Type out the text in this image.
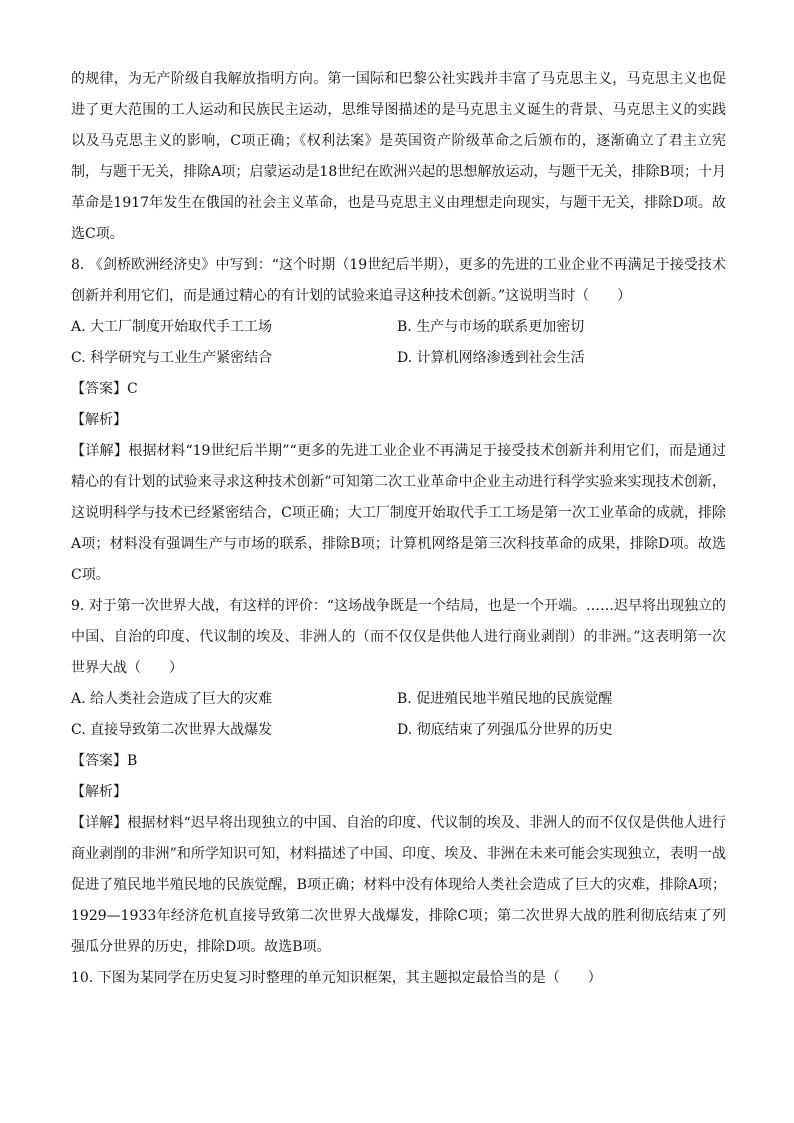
的规律，为无产阶级自我解放指明方向。第一国际和巴黎公社实践并丰富了马克思主义，马克思主义也促进了更大范围的工人运动和民族民主运动，思维导图描述的是马克思主义诞生的背景、马克思主义的实践以及马克思主义的影响，C项正确；《权利法案》是英国资产阶级革命之后颁布的，逐渐确立了君主立宪制，与题干无关，排除A项；启蒙运动是18世纪在欧洲兴起的思想解放运动，与题干无关，排除B项；十月革命是1917年发生在俄国的社会主义革命，也是马克思主义由理想走向现实，与题干无关，排除D项。故选C项。

8. 《剑桥欧洲经济史》中写到：“这个时期（19世纪后半期），更多的先进的工业企业不再满足于接受技术创新并利用它们，而是通过精心的有计划的试验来追寻这种技术创新。”这说明当时（　　）

A. 大工厂制度开始取代手工工场	B. 生产与市场的联系更加密切
C. 科学研究与工业生产紧密结合	D. 计算机网络渗透到社会生活

【答案】C

【解析】

【详解】根据材料“19世纪后半期”“更多的先进工业企业不再满足于接受技术创新并利用它们，而是通过精心的有计划的试验来寻求这种技术创新”可知第二次工业革命中企业主动进行科学实验来实现技术创新，这说明科学与技术已经紧密结合，C项正确；大工厂制度开始取代手工工场是第一次工业革命的成就，排除A项；材料没有强调生产与市场的联系，排除B项；计算机网络是第三次科技革命的成果，排除D项。故选C项。

9. 对于第一次世界大战，有这样的评价：“这场战争既是一个结局，也是一个开端。……迟早将出现独立的中国、自治的印度、代议制的埃及、非洲人的（而不仅仅是供他人进行商业剥削）的非洲。”这表明第一次世界大战（　　）

A. 给人类社会造成了巨大的灾难	B. 促进殖民地半殖民地的民族觉醒
C. 直接导致第二次世界大战爆发	D. 彻底结束了列强瓜分世界的历史

【答案】B

【解析】

【详解】根据材料“迟早将出现独立的中国、自治的印度、代议制的埃及、非洲人的而不仅仅是供他人进行商业剥削的非洲”和所学知识可知，材料描述了中国、印度、埃及、非洲在未来可能会实现独立，表明一战促进了殖民地半殖民地的民族觉醒，B项正确；材料中没有体现给人类社会造成了巨大的灾难，排除A项；1929—1933年经济危机直接导致第二次世界大战爆发，排除C项；第二次世界大战的胜利彻底结束了列强瓜分世界的历史，排除D项。故选B项。

10. 下图为某同学在历史复习时整理的单元知识框架，其主题拟定最恰当的是（　　）
